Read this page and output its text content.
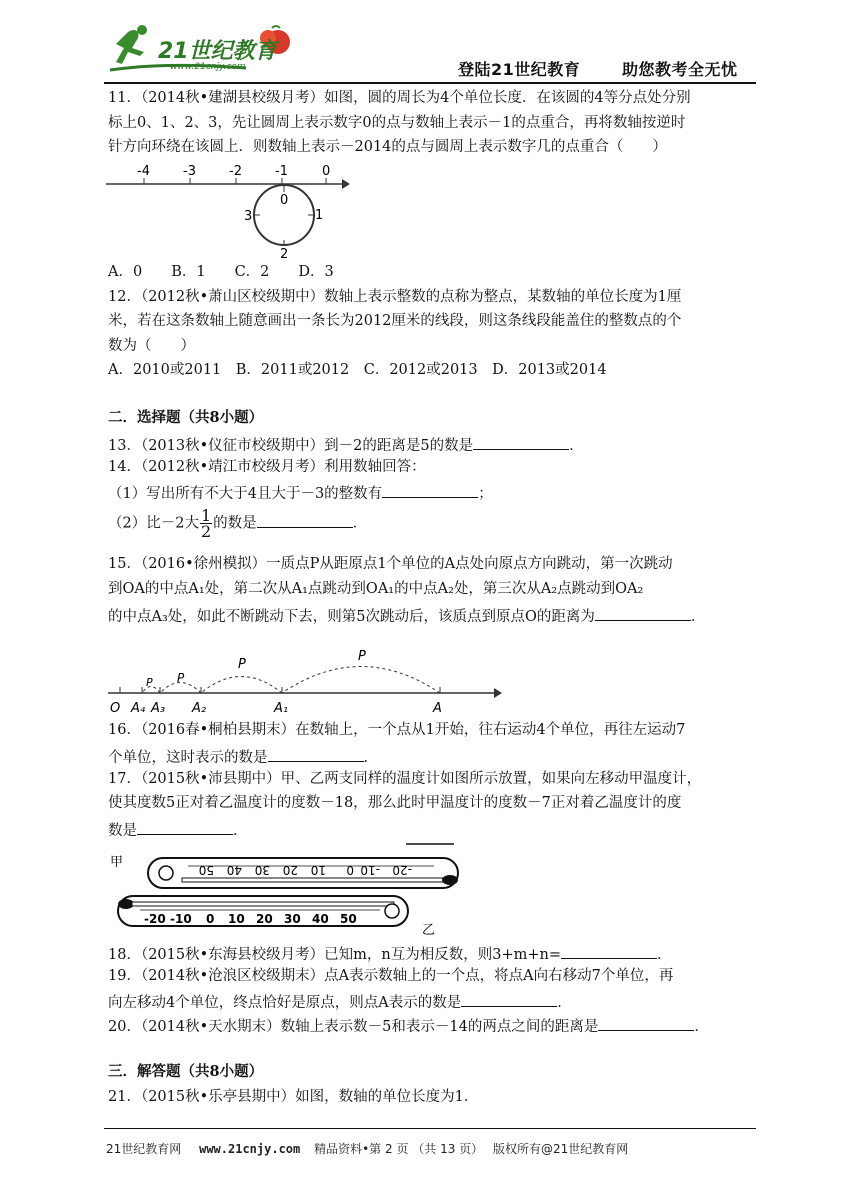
21世纪教育
www.21cnjy.com	登陆21世纪教育	助您教考全无忧
11．（2014秋•建湖县校级月考）如图，圆的周长为4个单位长度．在该圆的4等分点处分别
标上0、1、2、3，先让圆周上表示数字0的点与数轴上表示－1的点重合，再将数轴按逆时
针方向环绕在该圆上．则数轴上表示－2014的点与圆周上表示数字几的点重合（　　）
-4	-3	-2	-1	0
0
1
2
3
A．0　　B．1　　C．2　　D．3
12．（2012秋•萧山区校级期中）数轴上表示整数的点称为整点，某数轴的单位长度为1厘
米，若在这条数轴上随意画出一条长为2012厘米的线段，则这条线段能盖住的整数点的个
数为（　　）
A．2010或2011　B．2011或2012　C．2012或2013　D．2013或2014
二．选择题（共8小题）
13．（2013秋•仪征市校级期中）到－2的距离是5的数是	．
14．（2012秋•靖江市校级月考）利用数轴回答：
（1）写出所有不大于4且大于－3的整数有	；
（2）比－2大 $\frac{1}{2}$ 的数是	．
15．（2016•徐州模拟）一质点P从距原点1个单位的A点处向原点方向跳动，第一次跳动
到OA的中点A₁处，第二次从A₁点跳动到OA₁的中点A₂处，第三次从A₂点跳动到OA₂
的中点A₃处，如此不断跳动下去，则第5次跳动后，该质点到原点O的距离为	．
P
P
P
P
O A₄ A₃ A₂	A₁	A
16．（2016春•桐柏县期末）在数轴上，一个点从1开始，往右运动4个单位，再往左运动7
个单位，这时表示的数是	．
17．（2015秋•沛县期中）甲、乙两支同样的温度计如图所示放置，如果向左移动甲温度计，
使其度数5正对着乙温度计的度数－18，那么此时甲温度计的度数－7正对着乙温度计的度
数是	．
甲	50 40 30 20 10 0 -10 -20
-20 -10 0 10 20 30 40 50
乙
18．（2015秋•东海县校级月考）已知m，n互为相反数，则3+m+n=	．
19．（2014秋•沧浪区校级期末）点A表示数轴上的一个点，将点A向右移动7个单位，再
向左移动4个单位，终点恰好是原点，则点A表示的数是	．
20．（2014秋•天水期末）数轴上表示数－5和表示－14的两点之间的距离是	．
三．解答题（共8小题）
21．（2015秋•乐亭县期中）如图，数轴的单位长度为1．
21世纪教育网 www.21cnjy.com 精品资料•第 2 页 （共 13 页） 版权所有@21世纪教育网
